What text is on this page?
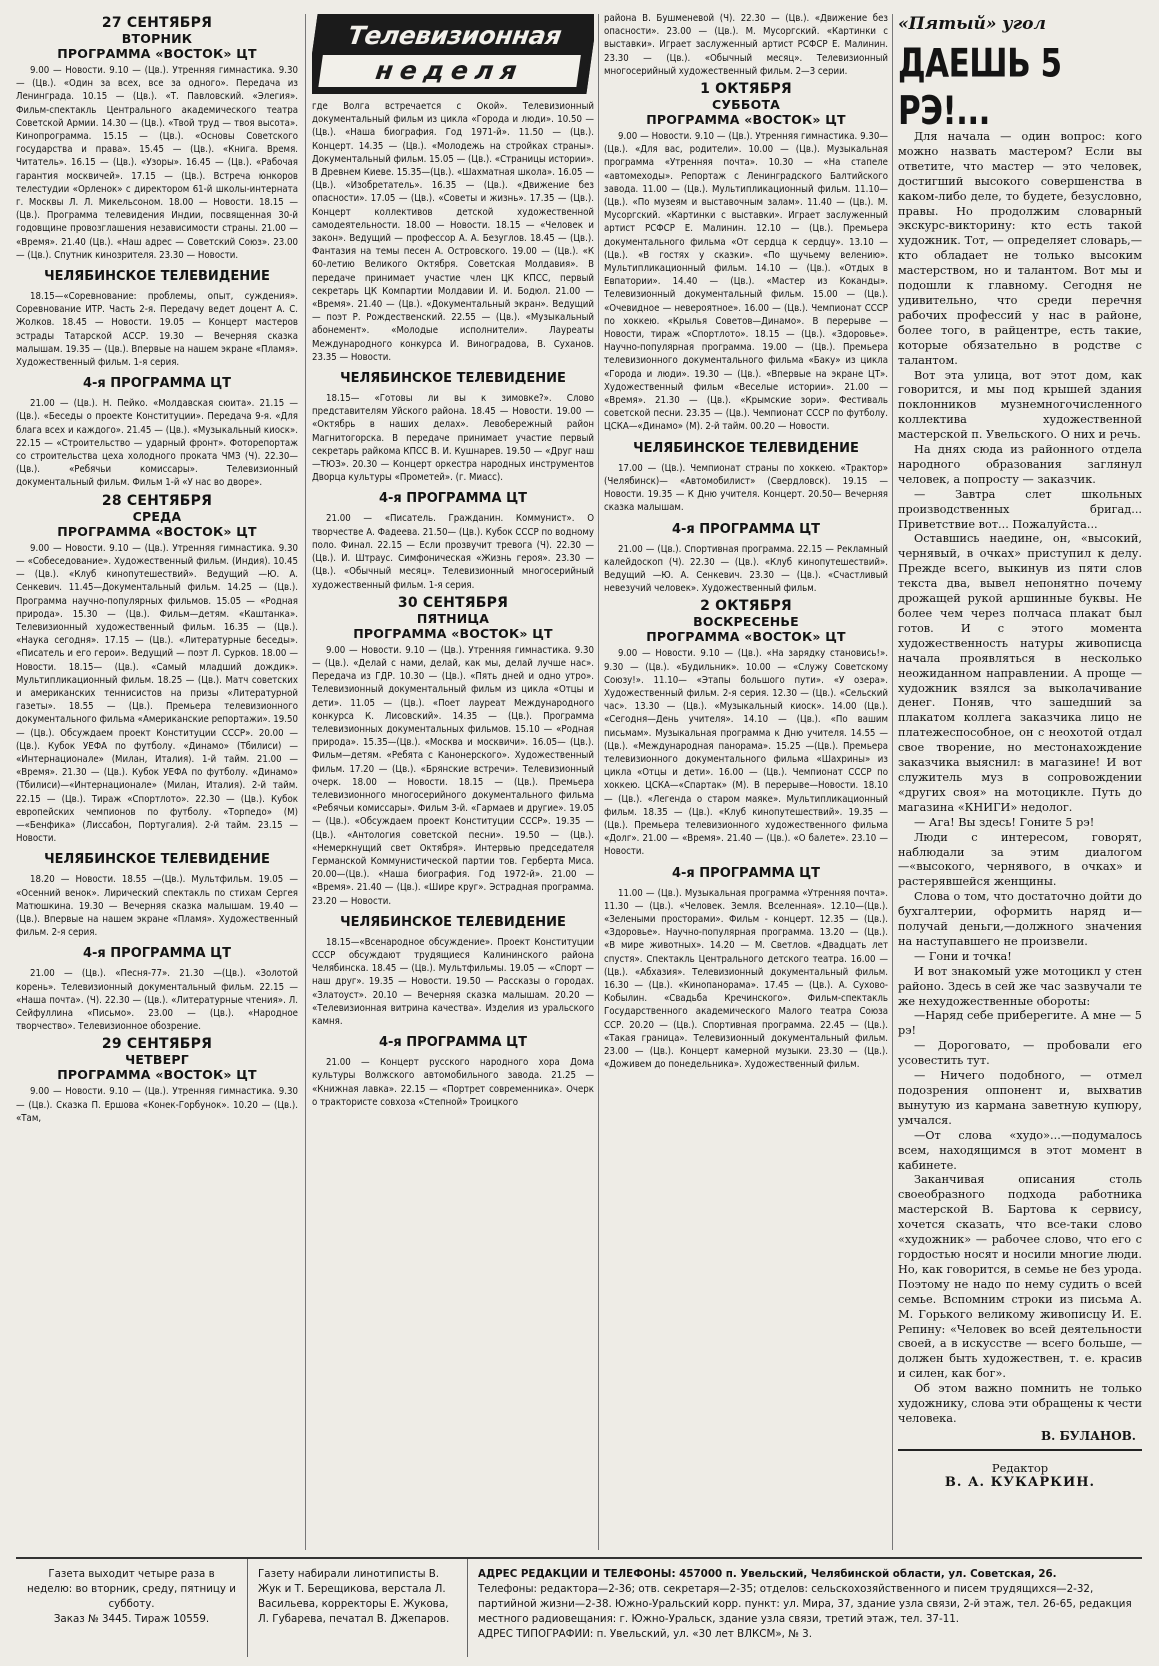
27 СЕНТЯБРЯ
ВТОРНИК
ПРОГРАММА «ВОСТОК» ЦТ

9.00 — Новости. 9.10 — (Цв.). Утренняя гимнастика. 9.30 — (Цв.). «Один за всех, все за одного». Передача из Ленинграда. 10.15 — (Цв.). «Т. Павловский. «Элегия». Фильм-спектакль Центрального академического театра Советской Армии. 14.30 — (Цв.). «Твой труд — твоя высота». Кинопрограмма. 15.15 — (Цв.). «Основы Советского государства и права». 15.45 — (Цв.). «Книга. Время. Читатель». 16.15 — (Цв.). «Узоры». 16.45 — (Цв.). «Рабочая гарантия москвичей». 17.15 — (Цв.). Встреча юнкоров телестудии «Орленок» с директором 61-й школы-интерната г. Москвы Л. Л. Микельсоном. 18.00 — Новости. 18.15 — (Цв.). Программа телевидения Индии, посвященная 30-й годовщине провозглашения независимости страны. 21.00 — «Время». 21.40 (Цв.). «Наш адрес — Советский Союз». 23.00 — (Цв.). Спутник кинозрителя. 23.30 — Новости.

ЧЕЛЯБИНСКОЕ ТЕЛЕВИДЕНИЕ

18.15—«Соревнование: проблемы, опыт, суждения». Соревнование ИТР. Часть 2-я. Передачу ведет доцент А. С. Жолков. 18.45 — Новости. 19.05 — Концерт мастеров эстрады Татарской АССР. 19.30 — Вечерняя сказка малышам. 19.35 — (Цв.). Впервые на нашем экране «Пламя». Художественный фильм. 1-я серия.

4-я ПРОГРАММА ЦТ

21.00 — (Цв.). Н. Пейко. «Молдавская сюита». 21.15 — (Цв.). «Беседы о проекте Конституции». Передача 9-я. «Для блага всех и каждого». 21.45 — (Цв.). «Музыкальный киоск». 22.15 — «Строительство — ударный фронт». Фоторепортаж со строительства цеха холодного проката ЧМЗ (Ч). 22.30—(Цв.). «Ребячьи комиссары». Телевизионный документальный фильм. Фильм 1-й «У нас во дворе».

28 СЕНТЯБРЯ
СРЕДА
ПРОГРАММА «ВОСТОК» ЦТ

9.00 — Новости. 9.10 — (Цв.). Утренняя гимнастика. 9.30 — «Собеседование». Художественный фильм. (Индия). 10.45 — (Цв.). «Клуб кинопутешествий». Ведущий —Ю. А. Сенкевич. 11.45—Документальный фильм. 14.25 — (Цв.). Программа научно-популярных фильмов. 15.05 — «Родная природа». 15.30 — (Цв.). Фильм—детям. «Каштанка». Телевизионный художественный фильм. 16.35 — (Цв.). «Наука сегодня». 17.15 — (Цв.). «Литературные беседы». «Писатель и его герои». Ведущий — поэт Л. Сурков. 18.00 — Новости. 18.15— (Цв.). «Самый младший дождик». Мультипликационный фильм. 18.25 — (Цв.). Матч советских и американских теннисистов на призы «Литературной газеты». 18.55 — (Цв.). Премьера телевизионного документального фильма «Американские репортажи». 19.50 — (Цв.). Обсуждаем проект Конституции СССР». 20.00 — (Цв.). Кубок УЕФА по футболу. «Динамо» (Тбилиси) — «Интернационале» (Милан, Италия). 1-й тайм. 21.00 — «Время». 21.30 — (Цв.). Кубок УЕФА по футболу. «Динамо» (Тбилиси)—«Интернационале» (Милан, Италия). 2-й тайм. 22.15 — (Цв.). Тираж «Спортлото». 22.30 — (Цв.). Кубок европейских чемпионов по футболу. «Торпедо» (М)—«Бенфика» (Лиссабон, Португалия). 2-й тайм. 23.15 — Новости.

ЧЕЛЯБИНСКОЕ ТЕЛЕВИДЕНИЕ

18.20 — Новости. 18.55 —(Цв.). Мультфильм. 19.05 — «Осенний венок». Лирический спектакль по стихам Сергея Матюшкина. 19.30 — Вечерняя сказка малышам. 19.40 — (Цв.). Впервые на нашем экране «Пламя». Художественный фильм. 2-я серия.

4-я ПРОГРАММА ЦТ

21.00 — (Цв.). «Песня-77». 21.30 —(Цв.). «Золотой корень». Телевизионный документальный фильм. 22.15 — «Наша почта». (Ч). 22.30 — (Цв.). «Литературные чтения». Л. Сейфуллина «Письмо». 23.00 — (Цв.). «Народное творчество». Телевизионное обозрение.

29 СЕНТЯБРЯ
ЧЕТВЕРГ
ПРОГРАММА «ВОСТОК» ЦТ

9.00 — Новости. 9.10 — (Цв.). Утренняя гимнастика. 9.30 — (Цв.). Сказка П. Ершова «Конек-Горбунок». 10.20 — (Цв.). «Там,

Телевизионная
неделя

где Волга встречается с Окой». Телевизионный документальный фильм из цикла «Города и люди». 10.50 — (Цв.). «Наша биография. Год 1971-й». 11.50 — (Цв.). Концерт. 14.35 — (Цв.). «Молодежь на стройках страны». Документальный фильм. 15.05 — (Цв.). «Страницы истории». В Древнем Киеве. 15.35—(Цв.). «Шахматная школа». 16.05 — (Цв.). «Изобретатель». 16.35 — (Цв.). «Движение без опасности». 17.05 — (Цв.). «Советы и жизнь». 17.35 — (Цв.). Концерт коллективов детской художественной самодеятельности. 18.00 — Новости. 18.15 — «Человек и закон». Ведущий — профессор А. А. Безуглов. 18.45 — (Цв.). Фантазия на темы песен А. Островского. 19.00 — (Цв.). «К 60-летию Великого Октября. Советская Молдавия». В передаче принимает участие член ЦК КПСС, первый секретарь ЦК Компартии Молдавии И. И. Бодюл. 21.00 — «Время». 21.40 — (Цв.). «Документальный экран». Ведущий — поэт Р. Рождественский. 22.55 — (Цв.). «Музыкальный абонемент». «Молодые исполнители». Лауреаты Международного конкурса И. Виноградова, В. Суханов. 23.35 — Новости.

ЧЕЛЯБИНСКОЕ ТЕЛЕВИДЕНИЕ

18.15— «Готовы ли вы к зимовке?». Слово представителям Уйского района. 18.45 — Новости. 19.00 — «Октябрь в наших делах». Левобережный район Магнитогорска. В передаче принимает участие первый секретарь райкома КПСС В. И. Кушнарев. 19.50 — «Друг наш—ТЮЗ». 20.30 — Концерт оркестра народных инструментов Дворца культуры «Прометей». (г. Миасс).

4-я ПРОГРАММА ЦТ

21.00 — «Писатель. Гражданин. Коммунист». О творчестве А. Фадеева. 21.50— (Цв.). Кубок СССР по водному поло. Финал. 22.15 — Если прозвучит тревога (Ч). 22.30 — (Цв.). И. Штраус. Симфоническая «Жизнь героя». 23.30 — (Цв.). «Обычный месяц». Телевизионный многосерийный художественный фильм. 1-я серия.

30 СЕНТЯБРЯ
ПЯТНИЦА
ПРОГРАММА «ВОСТОК» ЦТ

9.00 — Новости. 9.10 — (Цв.). Утренняя гимнастика. 9.30 — (Цв.). «Делай с нами, делай, как мы, делай лучше нас». Передача из ГДР. 10.30 — (Цв.). «Пять дней и одно утро». Телевизионный документальный фильм из цикла «Отцы и дети». 11.05 — (Цв.). «Поет лауреат Международного конкурса К. Лисовский». 14.35 — (Цв.). Программа телевизионных документальных фильмов. 15.10 — «Родная природа». 15.35—(Цв.). «Москва и москвичи». 16.05— (Цв.). Фильм—детям. «Ребята с Канонерского». Художественный фильм. 17.20 — (Цв.). «Брянские встречи». Телевизионный очерк. 18.00 — Новости. 18.15 — (Цв.). Премьера телевизионного многосерийного документального фильма «Ребячьи комиссары». Фильм 3-й. «Гармаев и другие». 19.05 — (Цв.). «Обсуждаем проект Конституции СССР». 19.35 — (Цв.). «Антология советской песни». 19.50 — (Цв.). «Немеркнущий свет Октября». Интервью председателя Германской Коммунистической партии тов. Герберта Миса. 20.00—(Цв.). «Наша биография. Год 1972-й». 21.00 — «Время». 21.40 — (Цв.). «Шире круг». Эстрадная программа. 23.20 — Новости.

ЧЕЛЯБИНСКОЕ ТЕЛЕВИДЕНИЕ

18.15—«Всенародное обсуждение». Проект Конституции СССР обсуждают трудящиеся Калининского района Челябинска. 18.45 — (Цв.). Мультфильмы. 19.05 — «Спорт — наш друг». 19.35 — Новости. 19.50 — Рассказы о городах. «Златоуст». 20.10 — Вечерняя сказка малышам. 20.20 — «Телевизионная витрина качества». Изделия из уральского камня.

4-я ПРОГРАММА ЦТ

21.00 — Концерт русского народного хора Дома культуры Волжского автомобильного завода. 21.25 — «Книжная лавка». 22.15 — «Портрет современника». Очерк о трактористе совхоза «Степной» Троицкого

района В. Бушменевой (Ч). 22.30 — (Цв.). «Движение без опасности». 23.00 — (Цв.). М. Мусоргский. «Картинки с выставки». Играет заслуженный артист РСФСР Е. Малинин. 23.30 — (Цв.). «Обычный месяц». Телевизионный многосерийный художественный фильм. 2—3 серии.

1 ОКТЯБРЯ
СУББОТА
ПРОГРАММА «ВОСТОК» ЦТ

9.00 — Новости. 9.10 — (Цв.). Утренняя гимнастика. 9.30— (Цв.). «Для вас, родители». 10.00 — (Цв.). Музыкальная программа «Утренняя почта». 10.30 — «На стапеле «автомеходы». Репортаж с Ленинградского Балтийского завода. 11.00 — (Цв.). Мультипликационный фильм. 11.10—(Цв.). «По музеям и выставочным залам». 11.40 — (Цв.). М. Мусоргский. «Картинки с выставки». Играет заслуженный артист РСФСР Е. Малинин. 12.10 — (Цв.). Премьера документального фильма «От сердца к сердцу». 13.10 — (Цв.). «В гостях у сказки». «По щучьему велению». Мультипликационный фильм. 14.10 — (Цв.). «Отдых в Евпатории». 14.40 — (Цв.). «Мастер из Коканды». Телевизионный документальный фильм. 15.00 — (Цв.). «Очевидное — невероятное». 16.00 — (Цв.). Чемпионат СССР по хоккею. «Крылья Советов—Динамо». В перерыве — Новости, тираж «Спортлото». 18.15 — (Цв.). «Здоровье». Научно-популярная программа. 19.00 — (Цв.). Премьера телевизионного документального фильма «Баку» из цикла «Города и люди». 19.30 — (Цв.). «Впервые на экране ЦТ». Художественный фильм «Веселые истории». 21.00 — «Время». 21.30 — (Цв.). «Крымские зори». Фестиваль советской песни. 23.35 — (Цв.). Чемпионат СССР по футболу. ЦСКА—«Динамо» (М). 2-й тайм. 00.20 — Новости.

ЧЕЛЯБИНСКОЕ ТЕЛЕВИДЕНИЕ

17.00 — (Цв.). Чемпионат страны по хоккею. «Трактор» (Челябинск)— «Автомобилист» (Свердловск). 19.15 — Новости. 19.35 — К Дню учителя. Концерт. 20.50— Вечерняя сказка малышам.

4-я ПРОГРАММА ЦТ

21.00 — (Цв.). Спортивная программа. 22.15 — Рекламный калейдоскоп (Ч). 22.30 — (Цв.). «Клуб кинопутешествий». Ведущий —Ю. А. Сенкевич. 23.30 — (Цв.). «Счастливый невезучий человек». Художественный фильм.

2 ОКТЯБРЯ
ВОСКРЕСЕНЬЕ
ПРОГРАММА «ВОСТОК» ЦТ

9.00 — Новости. 9.10 — (Цв.). «На зарядку становись!». 9.30 — (Цв.). «Будильник». 10.00 — «Служу Советскому Союзу!». 11.10— «Этапы большого пути». «У озера». Художественный фильм. 2-я серия. 12.30 — (Цв.). «Сельский час». 13.30 — (Цв.). «Музыкальный киоск». 14.00 (Цв.). «Сегодня—День учителя». 14.10 — (Цв.). «По вашим письмам». Музыкальная программа к Дню учителя. 14.55 — (Цв.). «Международная панорама». 15.25 —(Цв.). Премьера телевизионного документального фильма «Шахрины» из цикла «Отцы и дети». 16.00 — (Цв.). Чемпионат СССР по хоккею. ЦСКА—«Спартак» (М). В перерыве—Новости. 18.10 — (Цв.). «Легенда о старом маяке». Мультипликационный фильм. 18.35 — (Цв.). «Клуб кинопутешествий». 19.35 — (Цв.). Премьера телевизионного художественного фильма «Долг». 21.00 — «Время». 21.40 — (Цв.). «О балете». 23.10 — Новости.

4-я ПРОГРАММА ЦТ

11.00 — (Цв.). Музыкальная программа «Утренняя почта». 11.30 — (Цв.). «Человек. Земля. Вселенная». 12.10—(Цв.). «Зелеными просторами». Фильм - концерт. 12.35 — (Цв.). «Здоровье». Научно-популярная программа. 13.20 — (Цв.). «В мире животных». 14.20 — М. Светлов. «Двадцать лет спустя». Спектакль Центрального детского театра. 16.00 — (Цв.). «Абхазия». Телевизионный документальный фильм. 16.30 — (Цв.). «Кинопанорама». 17.45 — (Цв.). А. Сухово-Кобылин. «Свадьба Кречинского». Фильм-спектакль Государственного академического Малого театра Союза ССР. 20.20 — (Цв.). Спортивная программа. 22.45 — (Цв.). «Такая граница». Телевизионный документальный фильм. 23.00 — (Цв.). Концерт камерной музыки. 23.30 — (Цв.). «Доживем до понедельника». Художественный фильм.

«Пятый» угол
ДАЕШЬ 5 РЭ!...

Для начала — один вопрос: кого можно назвать мастером? Если вы ответите, что мастер — это человек, достигший высокого совершенства в каком-либо деле, то будете, безусловно, правы. Но продолжим словарный экскурс-викторину: кто есть такой художник. Тот, — определяет словарь,—кто обладает не только высоким мастерством, но и талантом. Вот мы и подошли к главному. Сегодня не удивительно, что среди перечня рабочих профессий у нас в районе, более того, в райцентре, есть такие, которые обязательно в родстве с талантом.

Вот эта улица, вот этот дом, как говорится, и мы под крышей здания поклонников музнемногочисленного коллектива художественной мастерской п. Увельского. О них и речь.

На днях сюда из районного отдела народного образования заглянул человек, а попросту — заказчик.

— Завтра слет школьных производственных бригад... Приветствие вот... Пожалуйста...

Оставшись наедине, он, «высокий, чернявый, в очках» приступил к делу. Прежде всего, выкинув из пяти слов текста два, вывел непонятно почему дрожащей рукой аршинные буквы. Не более чем через полчаса плакат был готов. И с этого момента художественность натуры живописца начала проявляться в несколько неожиданном направлении. А проще — художник взялся за выколачивание денег. Поняв, что зашедший за плакатом коллега заказчика лицо не платежеспособное, он с неохотой отдал свое творение, но местонахождение заказчика выяснил: в магазине! И вот служитель муз в сопровождении «других своя» на мотоцикле. Путь до магазина «КНИГИ» недолог.

— Ага! Вы здесь! Гоните 5 рэ!

Люди с интересом, говорят, наблюдали за этим диалогом—«высокого, чернявого, в очках» и растерявшейся женщины.

Слова о том, что достаточно дойти до бухгалтерии, оформить наряд и—получай деньги,—должного значения на наступавшего не произвели.

— Гони и точка!

И вот знакомый уже мотоцикл у стен районо. Здесь в сей же час зазвучали те же нехудожественные обороты:

—Наряд себе приберегите. А мне — 5 рэ!

— Дороговато, — пробовали его усовестить тут.

— Ничего подобного, — отмел подозрения оппонент и, выхватив вынутую из кармана заветную купюру, умчался.

—От слова «худо»...—подумалось всем, находящимся в этот момент в кабинете.

Заканчивая описания столь своеобразного подхода работника мастерской В. Бартова к сервису, хочется сказать, что все-таки слово «художник» — рабочее слово, что его с гордостью носят и носили многие люди. Но, как говорится, в семье не без урода. Поэтому не надо по нему судить о всей семье. Вспомним строки из письма А. М. Горького великому живописцу И. Е. Репину: «Человек во всей деятельности своей, а в искусстве — всего больше, — должен быть художествен, т. е. красив и силен, как бог».

Об этом важно помнить не только художнику, слова эти обращены к чести человека.

В. БУЛАНОВ.
Редактор
В. А. КУКАРКИН.
Газета выходит четыре раза в неделю: во вторник, среду, пятницу и субботу.
Заказ № 3445. Тираж 10559.
Газету набирали линотиписты В. Жук и Т. Берещикова, верстала Л. Васильева, корректоры Е. Жукова, Л. Губарева, печатал В. Джепаров.
АДРЕС РЕДАКЦИИ И ТЕЛЕФОНЫ: 457000 п. Увельский, Челябинской области, ул. Советская, 26.
Телефоны: редактора—2-36; отв. секретаря—2-35; отделов: сельскохозяйственного и писем трудящихся—2-32, партийной жизни—2-38. Южно-Уральский корр. пункт: ул. Мира, 37, здание узла связи, 2-й этаж, тел. 26-65, редакция местного радиовещания: г. Южно-Уральск, здание узла связи, третий этаж, тел. 37-11.
АДРЕС ТИПОГРАФИИ: п. Увельский, ул. «30 лет ВЛКСМ», № 3.
